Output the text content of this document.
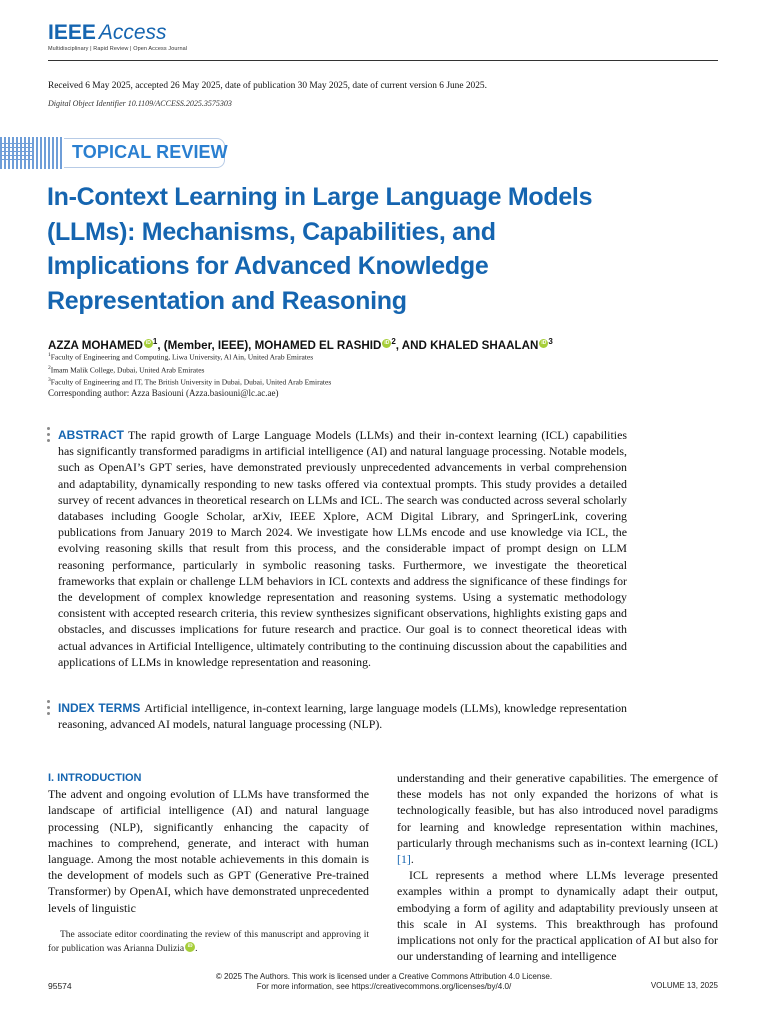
IEEE Access
Multidisciplinary | Rapid Review | Open Access Journal
Received 6 May 2025, accepted 26 May 2025, date of publication 30 May 2025, date of current version 6 June 2025.
Digital Object Identifier 10.1109/ACCESS.2025.3575303
TOPICAL REVIEW
In-Context Learning in Large Language Models (LLMs): Mechanisms, Capabilities, and Implications for Advanced Knowledge Representation and Reasoning
AZZA MOHAMED iD $^1$, (Member, IEEE), MOHAMED EL RASHID iD $^2$, AND KHALED SHAALAN iD $^3$
$^1$Faculty of Engineering and Computing, Liwa University, Al Ain, United Arab Emirates
$^2$Imam Malik College, Dubai, United Arab Emirates
$^3$Faculty of Engineering and IT, The British University in Dubai, Dubai, United Arab Emirates
Corresponding author: Azza Basiouni (Azza.basiouni@lc.ac.ae)
ABSTRACT The rapid growth of Large Language Models (LLMs) and their in-context learning (ICL) capabilities has significantly transformed paradigms in artificial intelligence (AI) and natural language processing. Notable models, such as OpenAI’s GPT series, have demonstrated previously unprecedented advancements in verbal comprehension and adaptability, dynamically responding to new tasks offered via contextual prompts. This study provides a detailed survey of recent advances in theoretical research on LLMs and ICL. The search was conducted across several scholarly databases including Google Scholar, arXiv, IEEE Xplore, ACM Digital Library, and SpringerLink, covering publications from January 2019 to March 2024. We investigate how LLMs encode and use knowledge via ICL, the evolving reasoning skills that result from this process, and the considerable impact of prompt design on LLM reasoning performance, particularly in symbolic reasoning tasks. Furthermore, we investigate the theoretical frameworks that explain or challenge LLM behaviors in ICL contexts and address the significance of these findings for the development of complex knowledge representation and reasoning systems. Using a systematic methodology consistent with accepted research criteria, this review synthesizes significant observations, highlights existing gaps and obstacles, and discusses implications for future research and practice. Our goal is to connect theoretical ideas with actual advances in Artificial Intelligence, ultimately contributing to the continuing discussion about the capabilities and applications of LLMs in knowledge representation and reasoning.
INDEX TERMS Artificial intelligence, in-context learning, large language models (LLMs), knowledge representation reasoning, advanced AI models, natural language processing (NLP).
I. INTRODUCTION

The advent and ongoing evolution of LLMs have transformed the landscape of artificial intelligence (AI) and natural language processing (NLP), significantly enhancing the capacity of machines to comprehend, generate, and interact with human language. Among the most notable achievements in this domain is the development of models such as GPT (Generative Pre-trained Transformer) by OpenAI, which have demonstrated unprecedented levels of linguistic

understanding and their generative capabilities. The emergence of these models has not only expanded the horizons of what is technologically feasible, but has also introduced novel paradigms for learning and knowledge representation within machines, particularly through mechanisms such as in-context learning (ICL) [1].

ICL represents a method where LLMs leverage presented examples within a prompt to dynamically adapt their output, embodying a form of agility and adaptability previously unseen at this scale in AI systems. This breakthrough has profound implications not only for the practical application of AI but also for our understanding of learning and intelligence

The associate editor coordinating the review of this manuscript and approving it for publication was Arianna Dulizia iD .
© 2025 The Authors. This work is licensed under a Creative Commons Attribution 4.0 License.
For more information, see https://creativecommons.org/licenses/by/4.0/
95574	VOLUME 13, 2025
